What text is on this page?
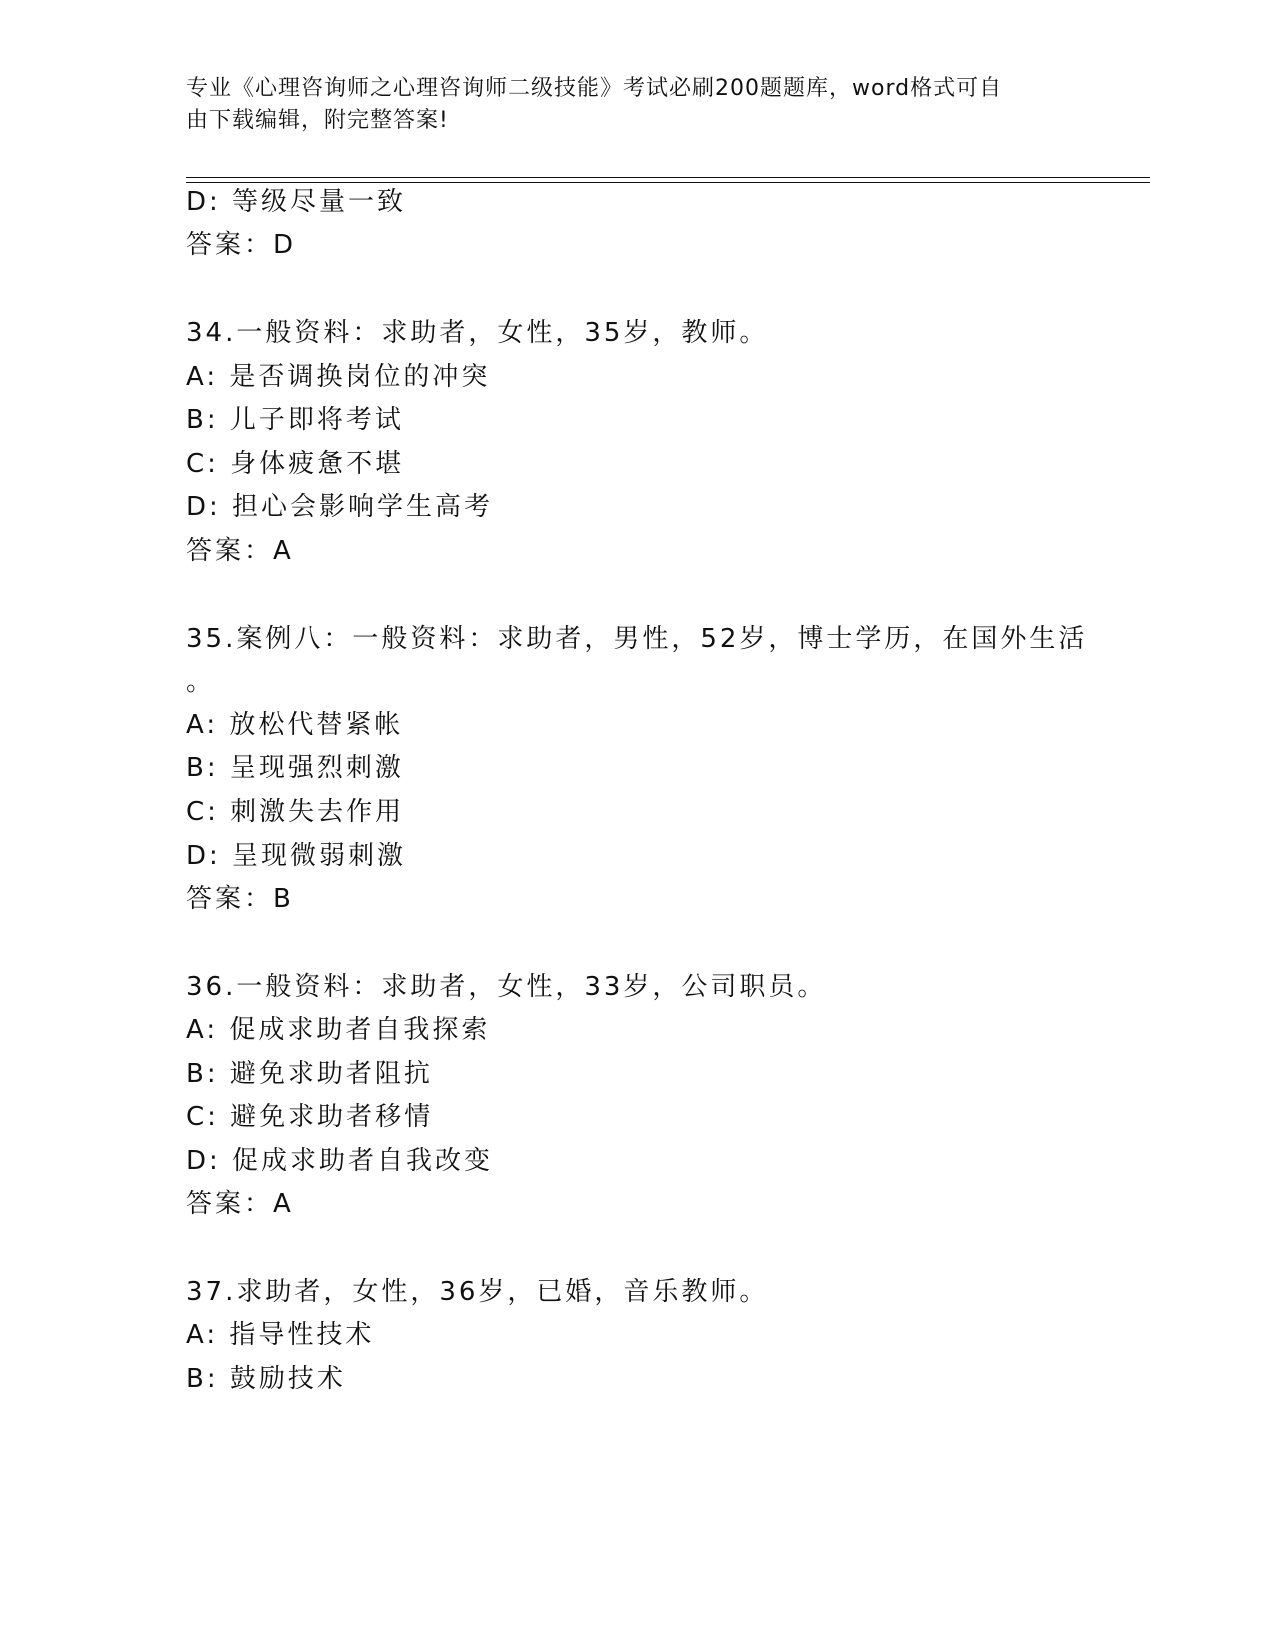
专业《心理咨询师之心理咨询师二级技能》考试必刷200题题库，word格式可自
由下载编辑，附完整答案!
D: 等级尽量一致
答案：D
34.一般资料：求助者，女性，35岁，教师。
A: 是否调换岗位的冲突
B: 儿子即将考试
C: 身体疲惫不堪
D: 担心会影响学生高考
答案：A
35.案例八：一般资料：求助者，男性，52岁，博士学历，在国外生活
。
A: 放松代替紧帐
B: 呈现强烈刺激
C: 刺激失去作用
D: 呈现微弱刺激
答案：B
36.一般资料：求助者，女性，33岁，公司职员。
A: 促成求助者自我探索
B: 避免求助者阻抗
C: 避免求助者移情
D: 促成求助者自我改变
答案：A
37.求助者，女性，36岁，已婚，音乐教师。
A: 指导性技术
B: 鼓励技术
